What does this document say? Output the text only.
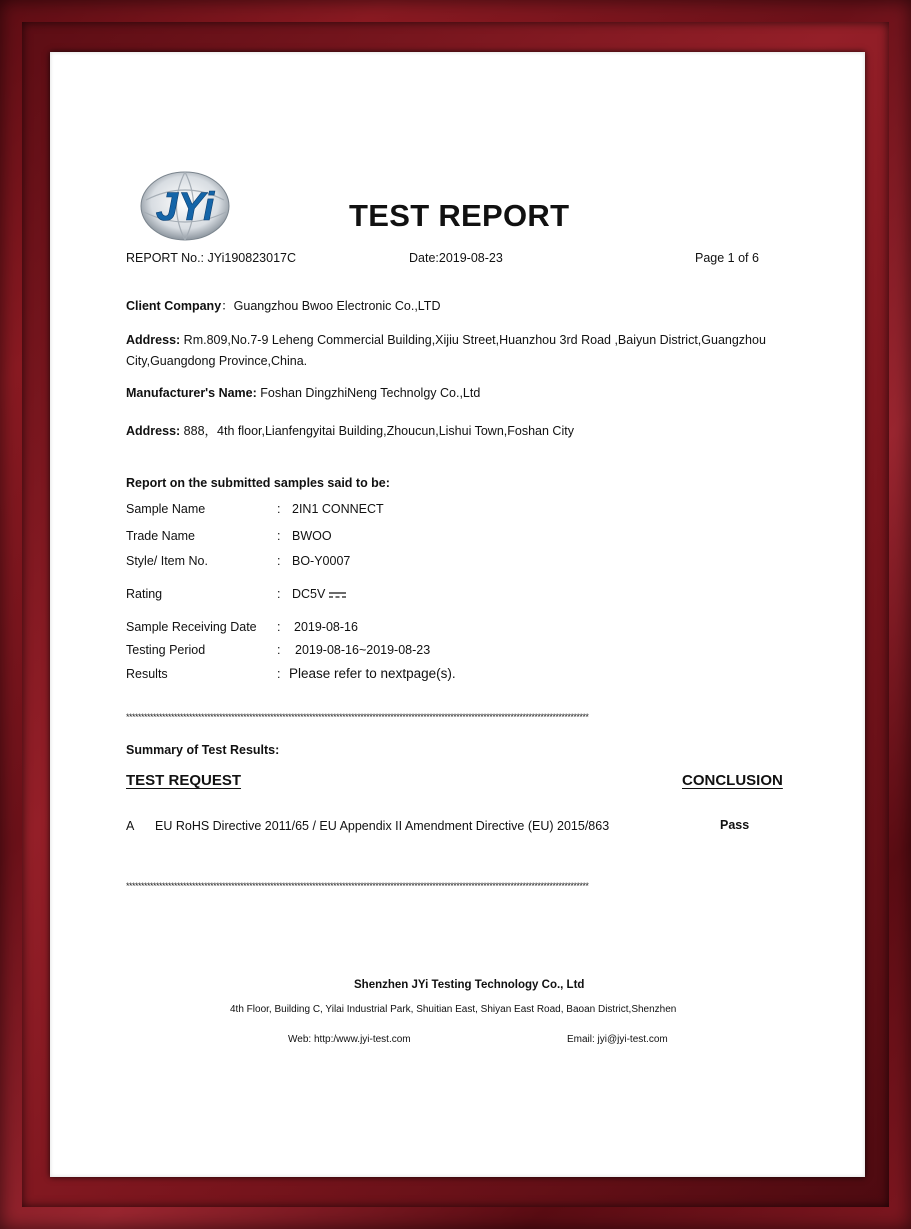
JYi	TEST REPORT
REPORT No.: JYi190823017C	Date:2019-08-23	Page 1 of 6
Client Company：Guangzhou Bwoo Electronic Co.,LTD
Address: Rm.809,No.7-9 Leheng Commercial Building,Xijiu Street,Huanzhou 3rd Road ,Baiyun District,Guangzhou
City,Guangdong Province,China.
Manufacturer's Name: Foshan DingzhiNeng Technolgy Co.,Ltd
Address: 888，4th floor,Lianfengyitai Building,Zhoucun,Lishui Town,Foshan City
Report on the submitted samples said to be:
Sample Name	: 2IN1 CONNECT
Trade Name	: BWOO
Style/ Item No.	: BO-Y0007
Rating	: DC5V
Sample Receiving Date : 2019-08-16
Testing Period	: 2019-08-16~2019-08-23
Results	: Please refer to nextpage(s).
**********************************************************************************************************************************************************
Summary of Test Results:
TEST REQUEST	CONCLUSION
A EU RoHS Directive 2011/65 / EU Appendix II Amendment Directive (EU) 2015/863	Pass
**********************************************************************************************************************************************************
Shenzhen JYi Testing Technology Co., Ltd
4th Floor, Building C, Yilai Industrial Park, Shuitian East, Shiyan East Road, Baoan District,Shenzhen
Web: http:/www.jyi-test.com	Email: jyi@jyi-test.com
